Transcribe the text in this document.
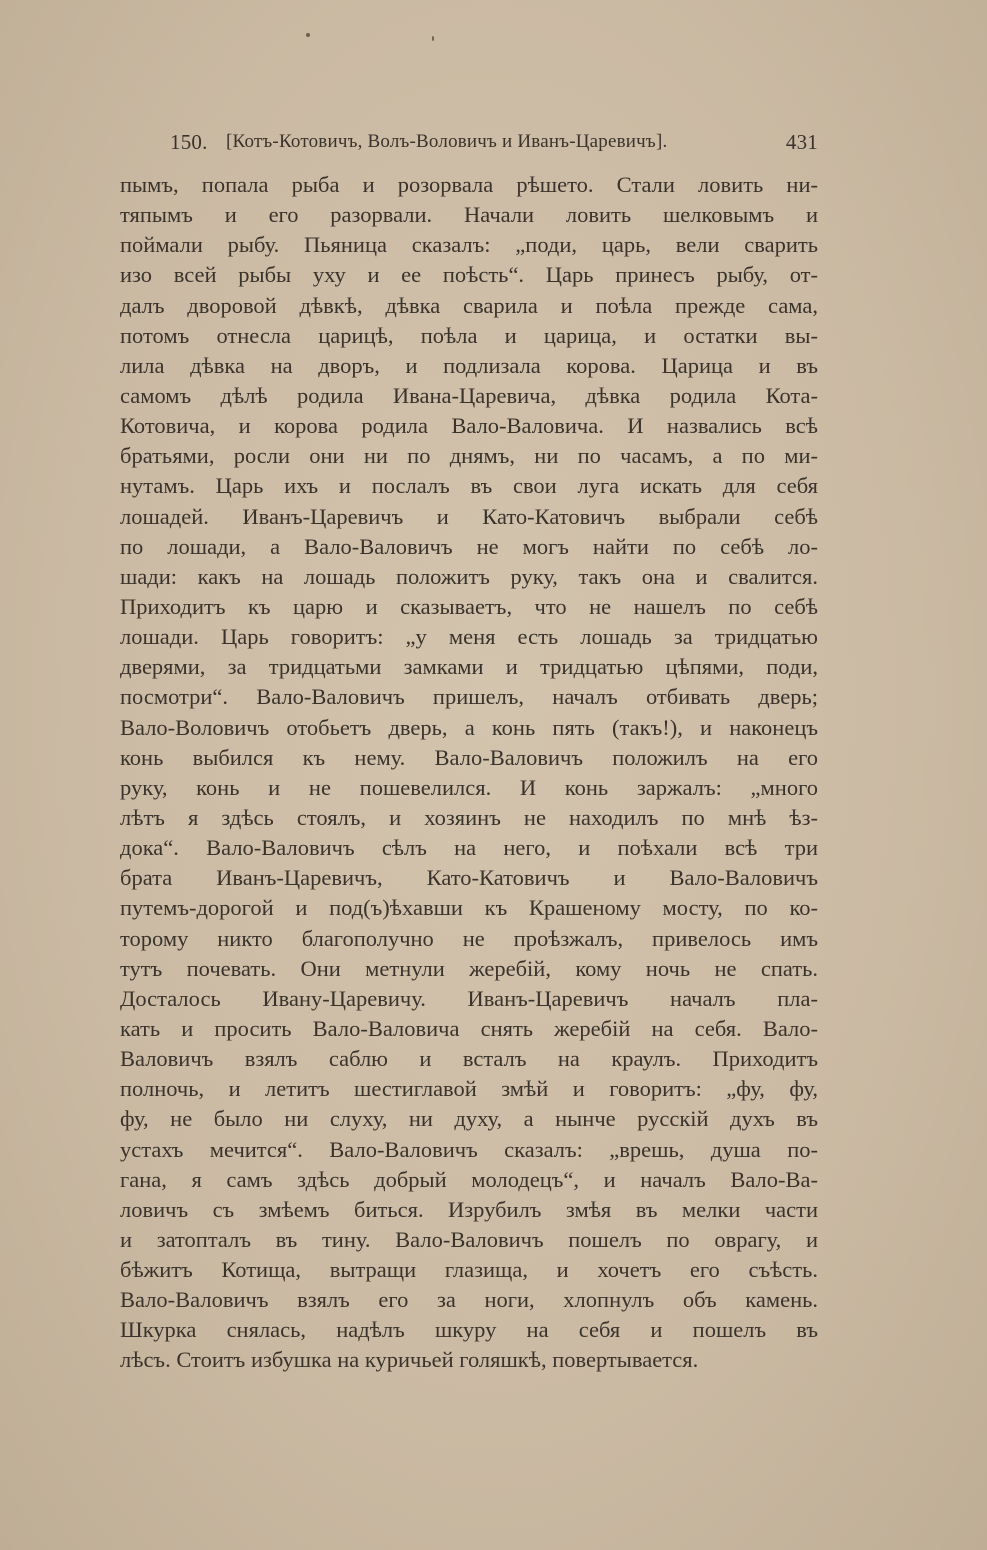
150. [Котъ-Котовичъ, Волъ-Воловичъ и Иванъ-Царевичъ].	431
пымъ, попала рыба и розорвала рѣшето. Стали ловить ни-
тяпымъ и его разорвали. Начали ловить шелковымъ и
поймали рыбу. Пьяница сказалъ: „поди, царь, вели сварить
изо всей рыбы уху и ее поѣсть“. Царь принесъ рыбу, от-
далъ дворовой дѣвкѣ, дѣвка сварила и поѣла прежде сама,
потомъ отнесла царицѣ, поѣла и царица, и остатки вы-
лила дѣвка на дворъ, и подлизала корова. Царица и въ
самомъ дѣлѣ родила Ивана-Царевича, дѣвка родила Кота-
Котовича, и корова родила Вало-Валовича. И назвались всѣ
братьями, росли они ни по днямъ, ни по часамъ, а по ми-
нутамъ. Царь ихъ и послалъ въ свои луга искать для себя
лошадей. Иванъ-Царевичъ и Като-Катовичъ выбрали себѣ
по лошади, а Вало-Валовичъ не могъ найти по себѣ ло-
шади: какъ на лошадь положитъ руку, такъ она и свалится.
Приходитъ къ царю и сказываетъ, что не нашелъ по себѣ
лошади. Царь говоритъ: „у меня есть лошадь за тридцатью
дверями, за тридцатьми замками и тридцатью цѣпями, поди,
посмотри“. Вало-Валовичъ пришелъ, началъ отбивать дверь;
Вало-Воловичъ отобьетъ дверь, а конь пять (такъ!), и наконецъ
конь выбился къ нему. Вало-Валовичъ положилъ на его
руку, конь и не пошевелился. И конь заржалъ: „много
лѣтъ я здѣсь стоялъ, и хозяинъ не находилъ по мнѣ ѣз-
дока“. Вало-Валовичъ сѣлъ на него, и поѣхали всѣ три
брата Иванъ-Царевичъ, Като-Катовичъ и Вало-Валовичъ
путемъ-дорогой и под(ъ)ѣхавши къ Крашеному мосту, по ко-
торому никто благополучно не проѣзжалъ, привелось имъ
тутъ почевать. Они метнули жеребій, кому ночь не спать.
Досталось Ивану-Царевичу. Иванъ-Царевичъ началъ пла-
кать и просить Вало-Валовича снять жеребій на себя. Вало-
Валовичъ взялъ саблю и всталъ на краулъ. Приходитъ
полночь, и летитъ шестиглавой змѣй и говоритъ: „фу, фу,
фу, не было ни слуху, ни духу, а нынче русскій духъ въ
устахъ мечится“. Вало-Валовичъ сказалъ: „врешь, душа по-
гана, я самъ здѣсь добрый молодецъ“, и началъ Вало-Ва-
ловичъ съ змѣемъ биться. Изрубилъ змѣя въ мелки части
и затопталъ въ тину. Вало-Валовичъ пошелъ по оврагу, и
бѣжитъ Котища, вытращи глазища, и хочетъ его съѣсть.
Вало-Валовичъ взялъ его за ноги, хлопнулъ объ камень.
Шкурка снялась, надѣлъ шкуру на себя и пошелъ въ
лѣсъ. Стоитъ избушка на куричьей голяшкѣ, повертывается.
